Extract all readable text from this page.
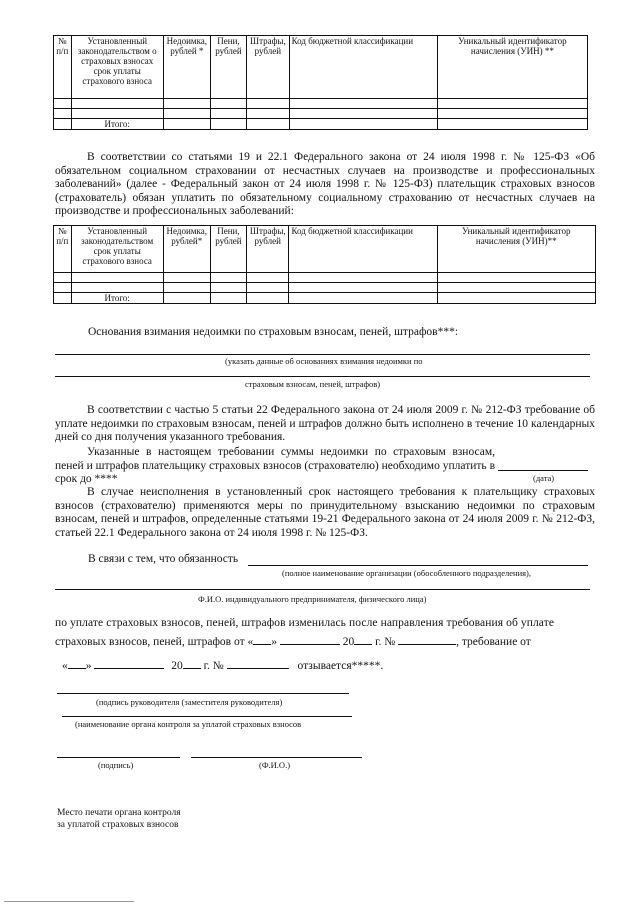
№ п/п	Установленный законодательством о страховых взносах срок уплаты страхового взноса	Недоимка, рублей *	Пени, рублей	Штрафы, рублей	Код бюджетной классификации	Уникальный идентификатор начисления (УИН) **

	Итого:					

В соответствии со статьями 19 и 22.1 Федерального закона от 24 июля 1998 г. № 125-ФЗ «Об обязательном социальном страховании от несчастных случаев на производстве и профессиональных заболеваний» (далее - Федеральный закон от 24 июля 1998 г. № 125-ФЗ) плательщик страховых взносов (страхователь) обязан уплатить по обязательному социальному страхованию от несчастных случаев на производстве и профессиональных заболеваний:

№ п/п	Установленный законодательством срок уплаты страхового взноса	Недоимка, рублей*	Пени, рублей	Штрафы, рублей	Код бюджетной классификации	Уникальный идентификатор начисления (УИН)**

	Итого:					
Основания взимания недоимки по страховым взносам, пеней, штрафов***:
(указать данные об основаниях взимания недоимки по
страховым взносам, пеней, штрафов)

В соответствии с частью 5 статьи 22 Федерального закона от 24 июля 2009 г. № 212-ФЗ требование об уплате недоимки по страховым взносам, пеней и штрафов должно быть исполнено в течение 10 календарных дней со дня получения указанного требования.

Указанные в настоящем требовании суммы недоимки по страховым взносам, пеней и штрафов плательщику страховых взносов (страхователю) необходимо уплатить в срок до ****	(дата)

В случае неисполнения в установленный срок настоящего требования к плательщику страховых взносов (страхователю) применяются меры по принудительному взысканию недоимки по страховым взносам, пеней и штрафов, определенные статьями 19-21 Федерального закона от 24 июля 2009 г. № 212-ФЗ, статьей 22.1 Федерального закона от 24 июля 1998 г. № 125-ФЗ.

В связи с тем, что обязанность
(полное наименование организации (обособленного подразделения),
Ф.И.О. индивидуального предпринимателя, физического лица)
по уплате страховых взносов, пеней, штрафов изменилась после направления требования об уплате
страховых взносов, пеней, штрафов от « »	20 г. №	, требование от
« »	20 г. №	отзывается*****.
(подпись руководителя (заместителя руководителя)
(наименование органа контроля за уплатой страховых взносов
(подпись)	(Ф.И.О.)
Место печати органа контроля
за уплатой страховых взносов
